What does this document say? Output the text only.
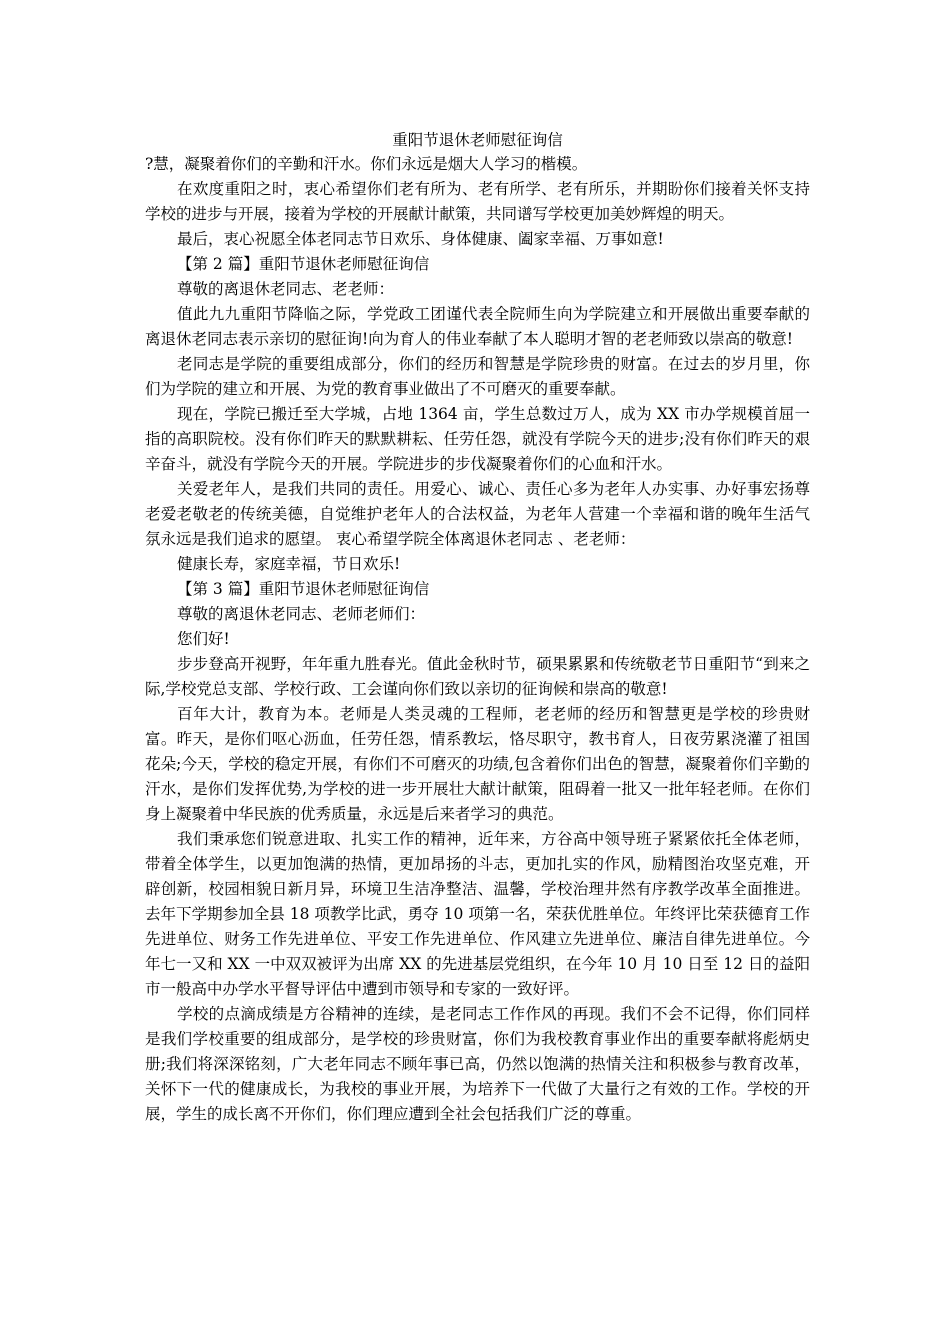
重阳节退休老师慰征询信

?慧，凝聚着你们的辛勤和汗水。你们永远是烟大人学习的楷模。

在欢度重阳之时，衷心希望你们老有所为、老有所学、老有所乐，并期盼你们接着关怀支持学校的进步与开展，接着为学校的开展献计献策，共同谱写学校更加美妙辉煌的明天。

最后，衷心祝愿全体老同志节日欢乐、身体健康、阖家幸福、万事如意!

【第 2 篇】重阳节退休老师慰征询信

尊敬的离退休老同志、老老师：

值此九九重阳节降临之际，学党政工团谨代表全院师生向为学院建立和开展做出重要奉献的离退休老同志表示亲切的慰征询!向为育人的伟业奉献了本人聪明才智的老老师致以崇高的敬意!

老同志是学院的重要组成部分，你们的经历和智慧是学院珍贵的财富。在过去的岁月里，你们为学院的建立和开展、为党的教育事业做出了不可磨灭的重要奉献。

现在，学院已搬迁至大学城，占地 1364 亩，学生总数过万人，成为 XX 市办学规模首屈一指的高职院校。没有你们昨天的默默耕耘、任劳任怨，就没有学院今天的进步;没有你们昨天的艰辛奋斗，就没有学院今天的开展。学院进步的步伐凝聚着你们的心血和汗水。

关爱老年人，是我们共同的责任。用爱心、诚心、责任心多为老年人办实事、办好事宏扬尊老爱老敬老的传统美德，自觉维护老年人的合法权益，为老年人营建一个幸福和谐的晚年生活气氛永远是我们追求的愿望。 衷心希望学院全体离退休老同志 、老老师：

健康长寿，家庭幸福，节日欢乐!

【第 3 篇】重阳节退休老师慰征询信

尊敬的离退休老同志、老师老师们：

您们好!

步步登高开视野，年年重九胜春光。值此金秋时节，硕果累累和传统敬老节日重阳节“到来之际,学校党总支部、学校行政、工会谨向你们致以亲切的征询候和崇高的敬意!

百年大计，教育为本。老师是人类灵魂的工程师，老老师的经历和智慧更是学校的珍贵财富。昨天，是你们呕心沥血，任劳任怨，情系教坛，恪尽职守，教书育人，日夜劳累浇灌了祖国花朵;今天，学校的稳定开展，有你们不可磨灭的功绩,包含着你们出色的智慧，凝聚着你们辛勤的汗水，是你们发挥优势,为学校的进一步开展壮大献计献策，阻碍着一批又一批年轻老师。在你们身上凝聚着中华民族的优秀质量，永远是后来者学习的典范。

我们秉承您们锐意进取、扎实工作的精神，近年来，方谷高中领导班子紧紧依托全体老师，带着全体学生，以更加饱满的热情，更加昂扬的斗志，更加扎实的作风，励精图治攻坚克难，开辟创新，校园相貌日新月异，环境卫生洁净整洁、温馨，学校治理井然有序教学改革全面推进。去年下学期参加全县 18 项教学比武，勇夺 10 项第一名，荣获优胜单位。年终评比荣获德育工作先进单位、财务工作先进单位、平安工作先进单位、作风建立先进单位、廉洁自律先进单位。今年七一又和 XX 一中双双被评为出席 XX 的先进基层党组织，在今年 10 月 10 日至 12 日的益阳市一般高中办学水平督导评估中遭到市领导和专家的一致好评。

学校的点滴成绩是方谷精神的连续，是老同志工作作风的再现。我们不会不记得，你们同样是我们学校重要的组成部分，是学校的珍贵财富，你们为我校教育事业作出的重要奉献将彪炳史册;我们将深深铭刻，广大老年同志不顾年事已高，仍然以饱满的热情关注和积极参与教育改革，关怀下一代的健康成长，为我校的事业开展，为培养下一代做了大量行之有效的工作。学校的开展，学生的成长离不开你们，你们理应遭到全社会包括我们广泛的尊重。
